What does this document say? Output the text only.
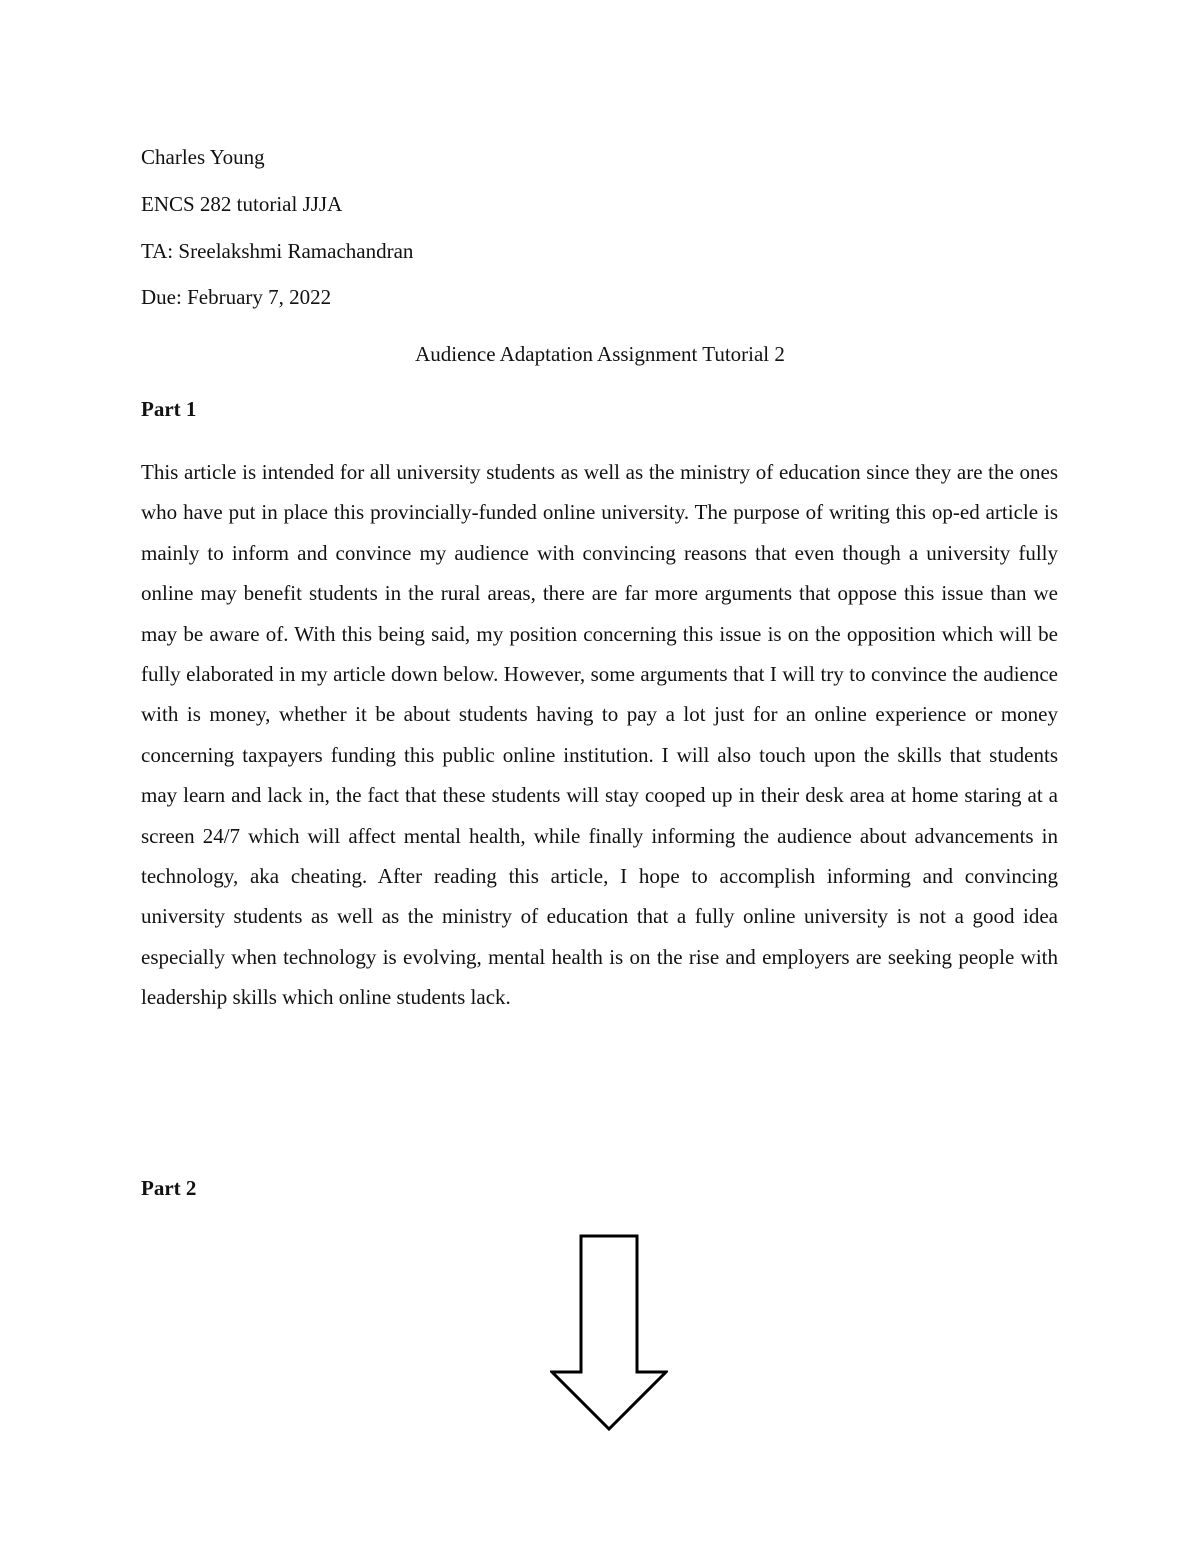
Charles Young
ENCS 282 tutorial JJJA
TA: Sreelakshmi Ramachandran
Due: February 7, 2022
Audience Adaptation Assignment Tutorial 2
Part 1
This article is intended for all university students as well as the ministry of education since they are the ones who have put in place this provincially-funded online university. The purpose of writing this op-ed article is mainly to inform and convince my audience with convincing reasons that even though a university fully online may benefit students in the rural areas, there are far more arguments that oppose this issue than we may be aware of. With this being said, my position concerning this issue is on the opposition which will be fully elaborated in my article down below. However, some arguments that I will try to convince the audience with is money, whether it be about students having to pay a lot just for an online experience or money concerning taxpayers funding this public online institution. I will also touch upon the skills that students may learn and lack in, the fact that these students will stay cooped up in their desk area at home staring at a screen 24/7 which will affect mental health, while finally informing the audience about advancements in technology, aka cheating. After reading this article, I hope to accomplish informing and convincing university students as well as the ministry of education that a fully online university is not a good idea especially when technology is evolving, mental health is on the rise and employers are seeking people with leadership skills which online students lack.
Part 2
